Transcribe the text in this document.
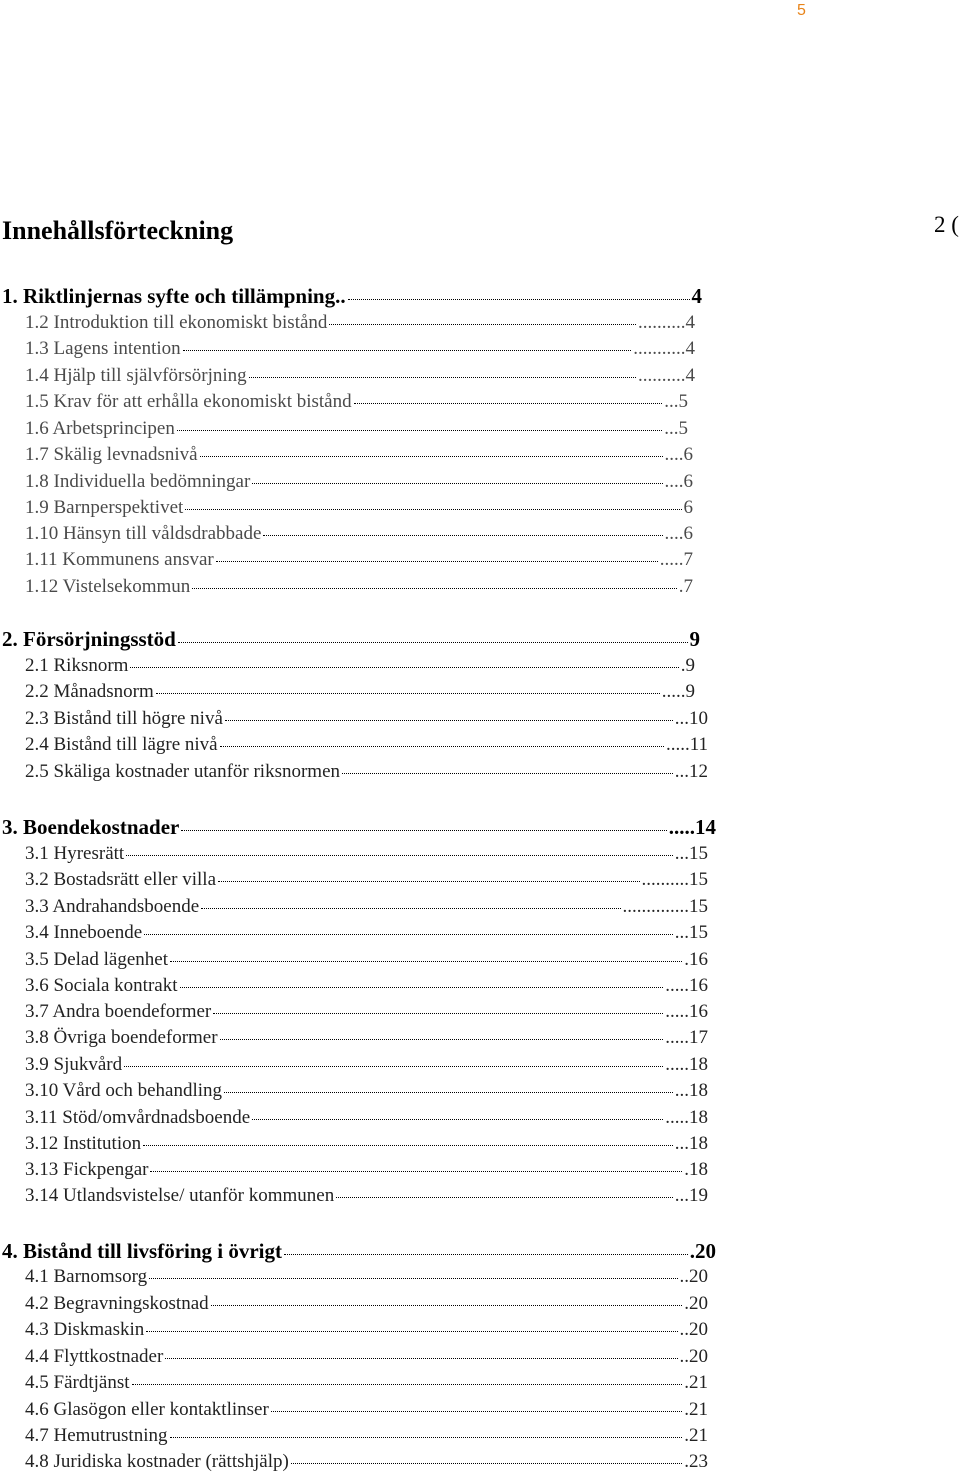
5
Innehållsförteckning	2 (
1. Riktlinjernas syfte och tillämpning..	4
1.2 Introduktion till ekonomiskt bistånd	..........4
1.3 Lagens intention	...........4
1.4 Hjälp till självförsörjning	..........4
1.5 Krav för att erhålla ekonomiskt bistånd	...5
1.6 Arbetsprincipen	...5
1.7 Skälig levnadsnivå	....6
1.8 Individuella bedömningar	....6
1.9 Barnperspektivet	6
1.10 Hänsyn till våldsdrabbade	....6
1.11 Kommunens ansvar	.....7
1.12 Vistelsekommun	.7
2. Försörjningsstöd	9
2.1 Riksnorm	.9
2.2 Månadsnorm	.....9
2.3 Bistånd till högre nivå	...10
2.4 Bistånd till lägre nivå	.....11
2.5 Skäliga kostnader utanför riksnormen	...12
3. Boendekostnader	.....14
3.1 Hyresrätt	...15
3.2 Bostadsrätt eller villa	..........15
3.3 Andrahandsboende	..............15
3.4 Inneboende	...15
3.5 Delad lägenhet	.16
3.6 Sociala kontrakt	.....16
3.7 Andra boendeformer	.....16
3.8 Övriga boendeformer	.....17
3.9 Sjukvård	.....18
3.10 Vård och behandling	...18
3.11 Stöd/omvårdnadsboende	.....18
3.12 Institution	...18
3.13 Fickpengar	.18
3.14 Utlandsvistelse/ utanför kommunen	...19
4. Bistånd till livsföring i övrigt	.20
4.1 Barnomsorg	..20
4.2 Begravningskostnad	.20
4.3 Diskmaskin	..20
4.4 Flyttkostnader	..20
4.5 Färdtjänst	.21
4.6 Glasögon eller kontaktlinser	.21
4.7 Hemutrustning	.21
4.8 Juridiska kostnader (rättshjälp)	.23
